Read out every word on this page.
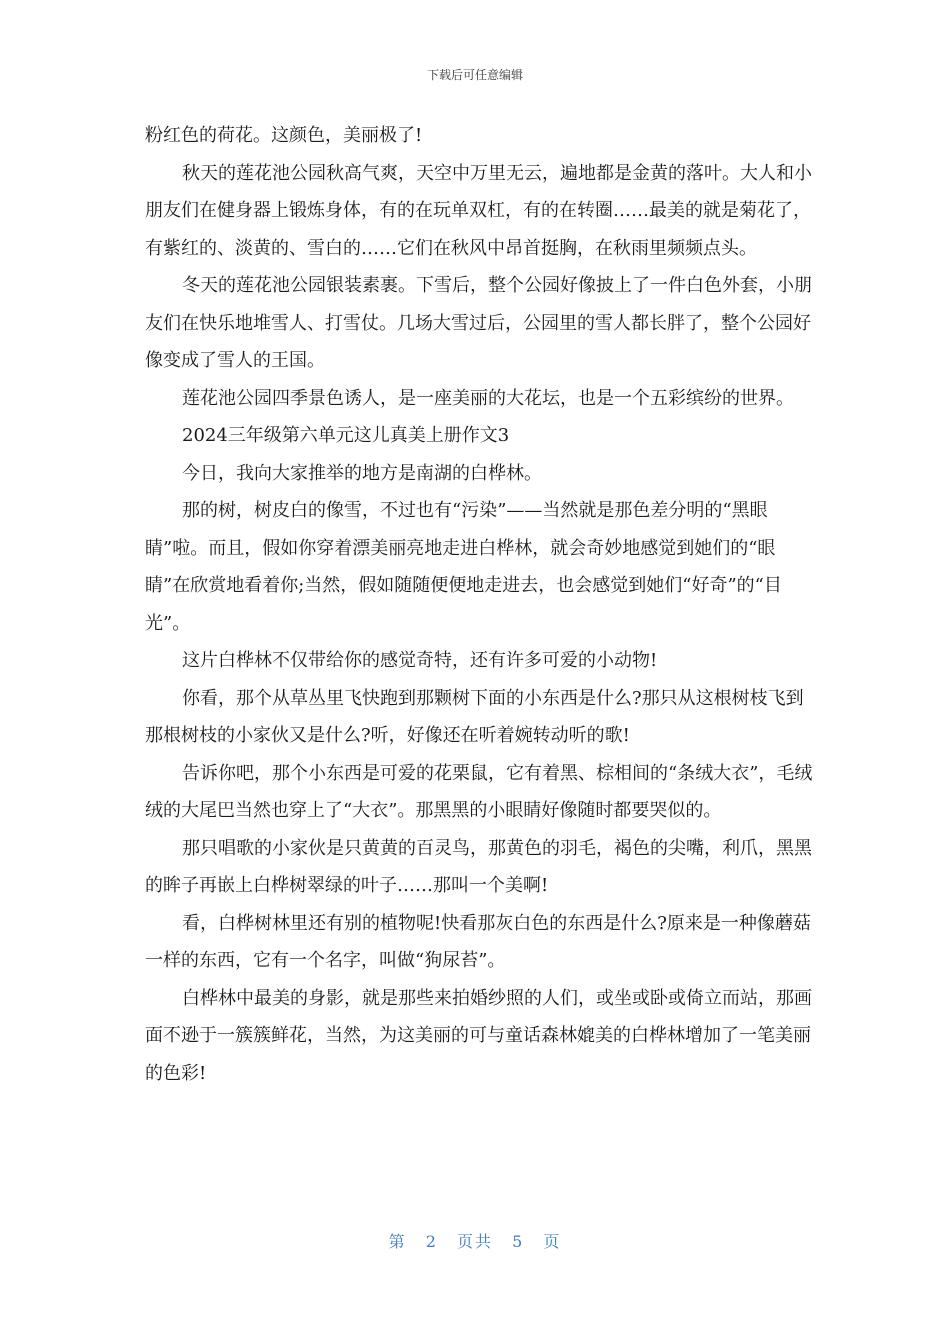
下载后可任意编辑

粉红色的荷花。这颜色，美丽极了!

秋天的莲花池公园秋高气爽，天空中万里无云，遍地都是金黄的落叶。大人和小朋友们在健身器上锻炼身体，有的在玩单双杠，有的在转圈……最美的就是菊花了，有紫红的、淡黄的、雪白的……它们在秋风中昂首挺胸，在秋雨里频频点头。

冬天的莲花池公园银装素裹。下雪后，整个公园好像披上了一件白色外套，小朋友们在快乐地堆雪人、打雪仗。几场大雪过后，公园里的雪人都长胖了，整个公园好像变成了雪人的王国。

莲花池公园四季景色诱人，是一座美丽的大花坛，也是一个五彩缤纷的世界。

2024三年级第六单元这儿真美上册作文3

今日，我向大家推举的地方是南湖的白桦林。

那的树，树皮白的像雪，不过也有“污染”——当然就是那色差分明的“黑眼睛”啦。而且，假如你穿着漂美丽亮地走进白桦林，就会奇妙地感觉到她们的“眼睛”在欣赏地看着你;当然，假如随随便便地走进去，也会感觉到她们“好奇”的“目光”。

这片白桦林不仅带给你的感觉奇特，还有许多可爱的小动物!

你看，那个从草丛里飞快跑到那颗树下面的小东西是什么?那只从这根树枝飞到那根树枝的小家伙又是什么?听，好像还在听着婉转动听的歌!

告诉你吧，那个小东西是可爱的花栗鼠，它有着黑、棕相间的“条绒大衣”，毛绒绒的大尾巴当然也穿上了“大衣”。那黑黑的小眼睛好像随时都要哭似的。

那只唱歌的小家伙是只黄黄的百灵鸟，那黄色的羽毛，褐色的尖嘴，利爪，黑黑的眸子再嵌上白桦树翠绿的叶子……那叫一个美啊!

看，白桦树林里还有别的植物呢!快看那灰白色的东西是什么?原来是一种像蘑菇一样的东西，它有一个名字，叫做“狗尿苔”。

白桦林中最美的身影，就是那些来拍婚纱照的人们，或坐或卧或倚立而站，那画面不逊于一簇簇鲜花，当然，为这美丽的可与童话森林媲美的白桦林增加了一笔美丽的色彩!

第 2 页共 5 页
